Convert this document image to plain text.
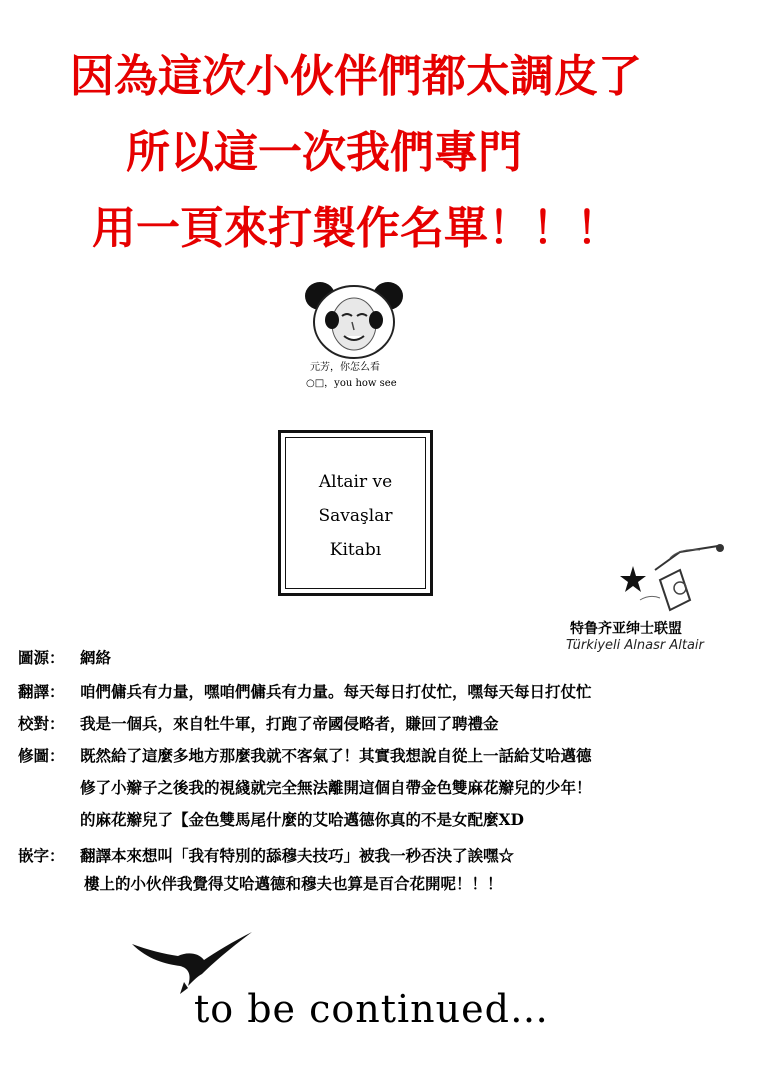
因為這次小伙伴們都太調皮了
所以這一次我們專門
用一頁來打製作名單！！！
元芳，你怎么看
○□，you how see
Altair ve
Savaşlar
Kitabı
特鲁齐亚绅士联盟
Türkiyeli Alnasr Altair
圖源： 網絡
翻譯： 咱們傭兵有力量，嘿咱們傭兵有力量。每天每日打仗忙，嘿每天每日打仗忙
校對： 我是一個兵，來自牡牛軍，打跑了帝國侵略者，賺回了聘禮金
修圖： 既然給了這麼多地方那麼我就不客氣了！其實我想說自從上一話給艾哈邁德
修了小辮子之後我的視綫就完全無法離開這個自帶金色雙麻花辮兒的少年！
的麻花辮兒了【金色雙馬尾什麼的艾哈邁德你真的不是女配麼XD
嵌字： 翻譯本來想叫「我有特別的舔穆夫技巧」被我一秒否決了誒嘿☆
樓上的小伙伴我覺得艾哈邁德和穆夫也算是百合花開呢！！！
to be continued…
